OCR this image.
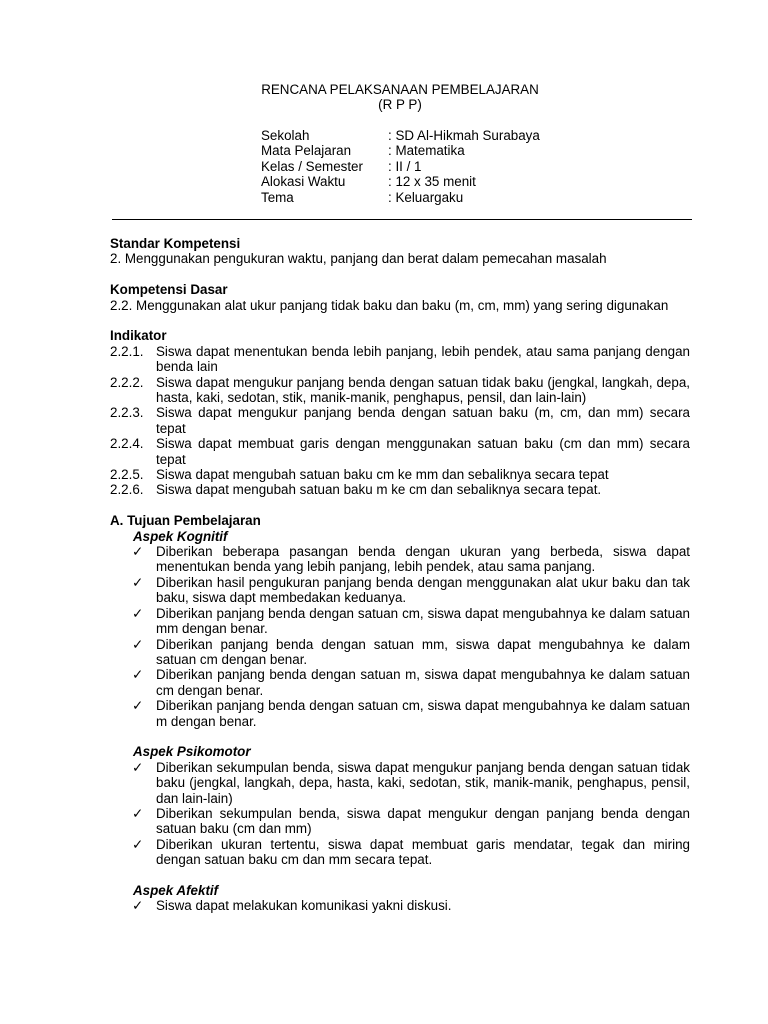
RENCANA PELAKSANAAN PEMBELAJARAN
(R P P)
Sekolah	: SD Al-Hikmah Surabaya
Mata Pelajaran	: Matematika
Kelas / Semester : II / 1
Alokasi Waktu	: 12 x 35 menit
Tema	: Keluargaku

Standar Kompetensi

2. Menggunakan pengukuran waktu, panjang dan berat dalam pemecahan masalah

Kompetensi Dasar

2.2. Menggunakan alat ukur panjang tidak baku dan baku (m, cm, mm) yang sering digunakan

Indikator

2.2.1. Siswa dapat menentukan benda lebih panjang, lebih pendek, atau sama panjang dengan benda lain
2.2.2. Siswa dapat mengukur panjang benda dengan satuan tidak baku (jengkal, langkah, depa, hasta, kaki, sedotan, stik, manik-manik, penghapus, pensil, dan lain-lain)
2.2.3. Siswa dapat mengukur panjang benda dengan satuan baku (m, cm, dan mm) secara tepat
2.2.4. Siswa dapat membuat garis dengan menggunakan satuan baku (cm dan mm) secara tepat
2.2.5. Siswa dapat mengubah satuan baku cm ke mm dan sebaliknya secara tepat
2.2.6. Siswa dapat mengubah satuan baku m ke cm dan sebaliknya secara tepat.

A. Tujuan Pembelajaran

Aspek Kognitif

✓ Diberikan beberapa pasangan benda dengan ukuran yang berbeda, siswa dapat menentukan benda yang lebih panjang, lebih pendek, atau sama panjang.
✓ Diberikan hasil pengukuran panjang benda dengan menggunakan alat ukur baku dan tak baku, siswa dapt membedakan keduanya.
✓ Diberikan panjang benda dengan satuan cm, siswa dapat mengubahnya ke dalam satuan mm dengan benar.
✓ Diberikan panjang benda dengan satuan mm, siswa dapat mengubahnya ke dalam satuan cm dengan benar.
✓ Diberikan panjang benda dengan satuan m, siswa dapat mengubahnya ke dalam satuan cm dengan benar.
✓ Diberikan panjang benda dengan satuan cm, siswa dapat mengubahnya ke dalam satuan m dengan benar.

Aspek Psikomotor

✓ Diberikan sekumpulan benda, siswa dapat mengukur panjang benda dengan satuan tidak baku (jengkal, langkah, depa, hasta, kaki, sedotan, stik, manik-manik, penghapus, pensil, dan lain-lain)
✓ Diberikan sekumpulan benda, siswa dapat mengukur dengan panjang benda dengan satuan baku (cm dan mm)
✓ Diberikan ukuran tertentu, siswa dapat membuat garis mendatar, tegak dan miring dengan satuan baku cm dan mm secara tepat.

Aspek Afektif

✓ Siswa dapat melakukan komunikasi yakni diskusi.
